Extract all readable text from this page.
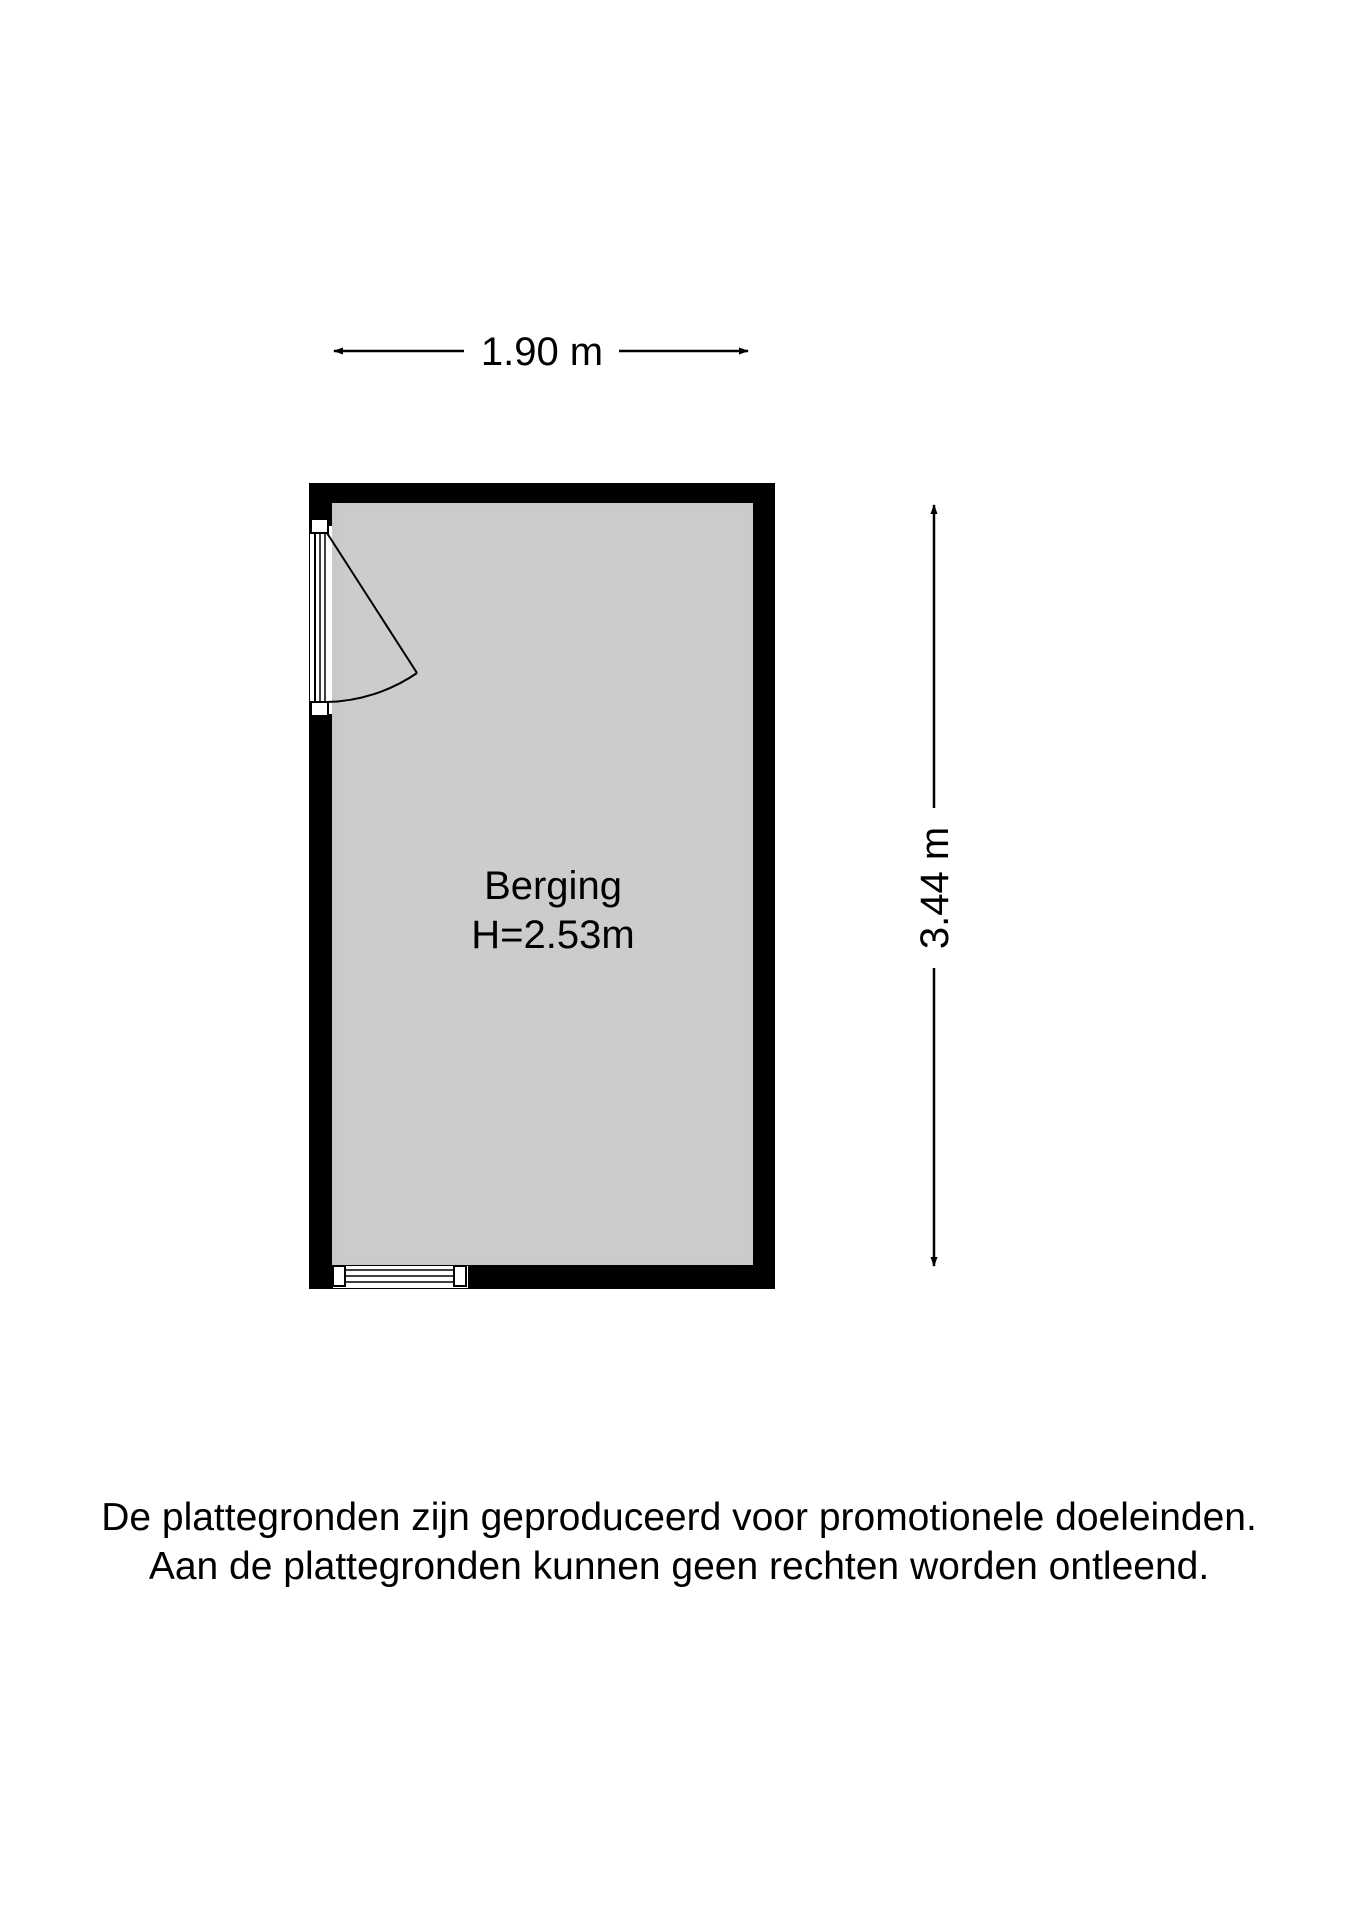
1.90 m
3.44 m
Berging
H=2.53m
De plattegronden zijn geproduceerd voor promotionele doeleinden.
Aan de plattegronden kunnen geen rechten worden ontleend.
